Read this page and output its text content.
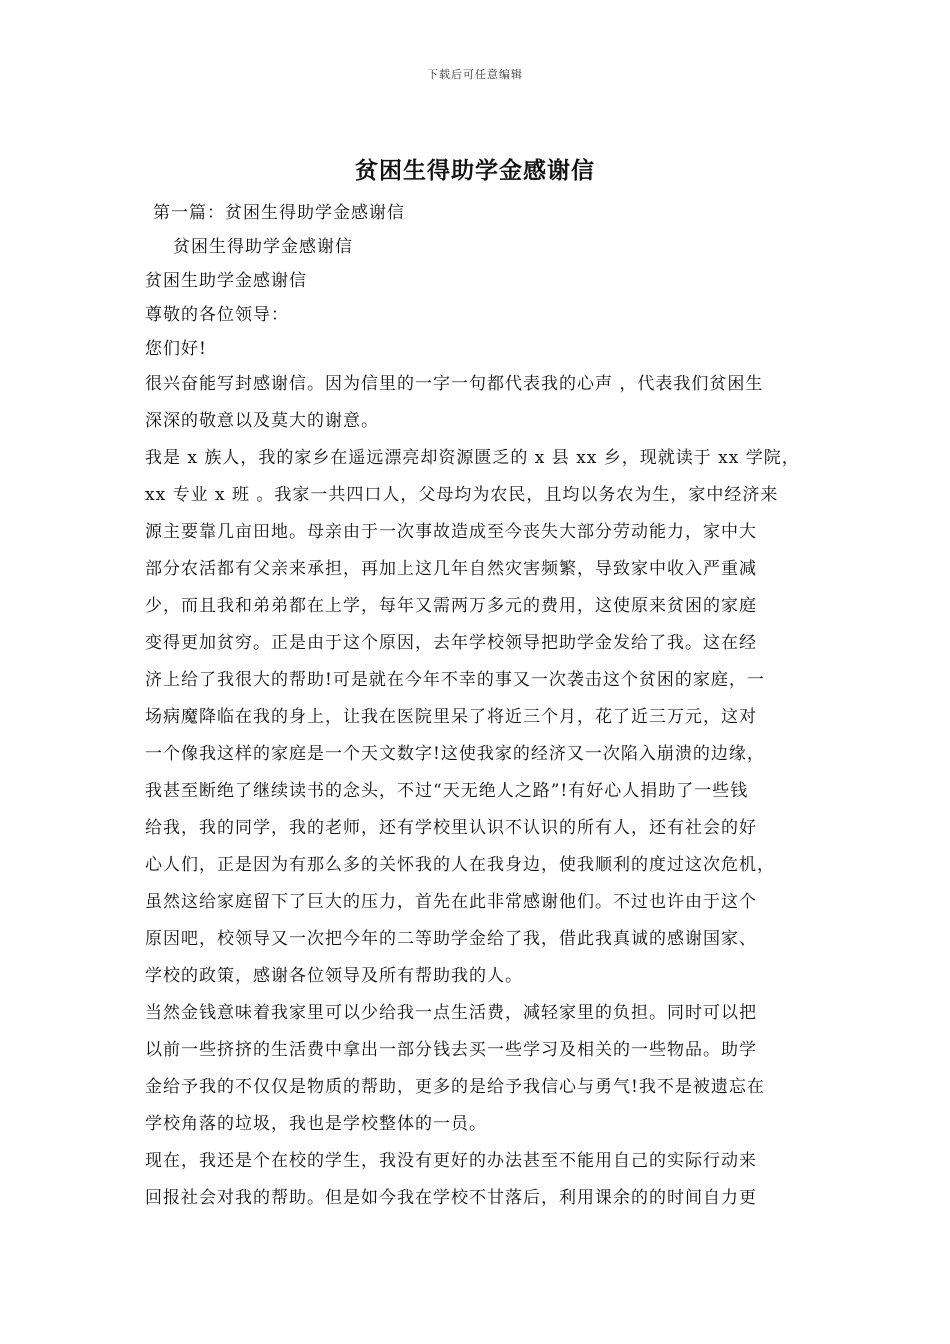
下载后可任意编辑
贫困生得助学金感谢信
第一篇：贫困生得助学金感谢信
贫困生得助学金感谢信
贫困生助学金感谢信
尊敬的各位领导：
您们好!
很兴奋能写封感谢信。因为信里的一字一句都代表我的心声 ，代表我们贫困生
深深的敬意以及莫大的谢意。
我是 x 族人，我的家乡在遥远漂亮却资源匮乏的 x 县 xx 乡，现就读于 xx 学院，
xx 专业 x 班 。我家一共四口人，父母均为农民，且均以务农为生，家中经济来
源主要靠几亩田地。母亲由于一次事故造成至今丧失大部分劳动能力，家中大
部分农活都有父亲来承担，再加上这几年自然灾害频繁，导致家中收入严重减
少，而且我和弟弟都在上学，每年又需两万多元的费用，这使原来贫困的家庭
变得更加贫穷。正是由于这个原因，去年学校领导把助学金发给了我。这在经
济上给了我很大的帮助!可是就在今年不幸的事又一次袭击这个贫困的家庭，一
场病魔降临在我的身上，让我在医院里呆了将近三个月，花了近三万元，这对
一个像我这样的家庭是一个天文数字!这使我家的经济又一次陷入崩溃的边缘，
我甚至断绝了继续读书的念头，不过“天无绝人之路”!有好心人捐助了一些钱
给我，我的同学，我的老师，还有学校里认识不认识的所有人，还有社会的好
心人们，正是因为有那么多的关怀我的人在我身边，使我顺利的度过这次危机，
虽然这给家庭留下了巨大的压力，首先在此非常感谢他们。不过也许由于这个
原因吧，校领导又一次把今年的二等助学金给了我，借此我真诚的感谢国家、
学校的政策，感谢各位领导及所有帮助我的人。
当然金钱意味着我家里可以少给我一点生活费，减轻家里的负担。同时可以把
以前一些挤挤的生活费中拿出一部分钱去买一些学习及相关的一些物品。助学
金给予我的不仅仅是物质的帮助，更多的是给予我信心与勇气!我不是被遗忘在
学校角落的垃圾，我也是学校整体的一员。
现在，我还是个在校的学生，我没有更好的办法甚至不能用自己的实际行动来
回报社会对我的帮助。但是如今我在学校不甘落后，利用课余的的时间自力更
